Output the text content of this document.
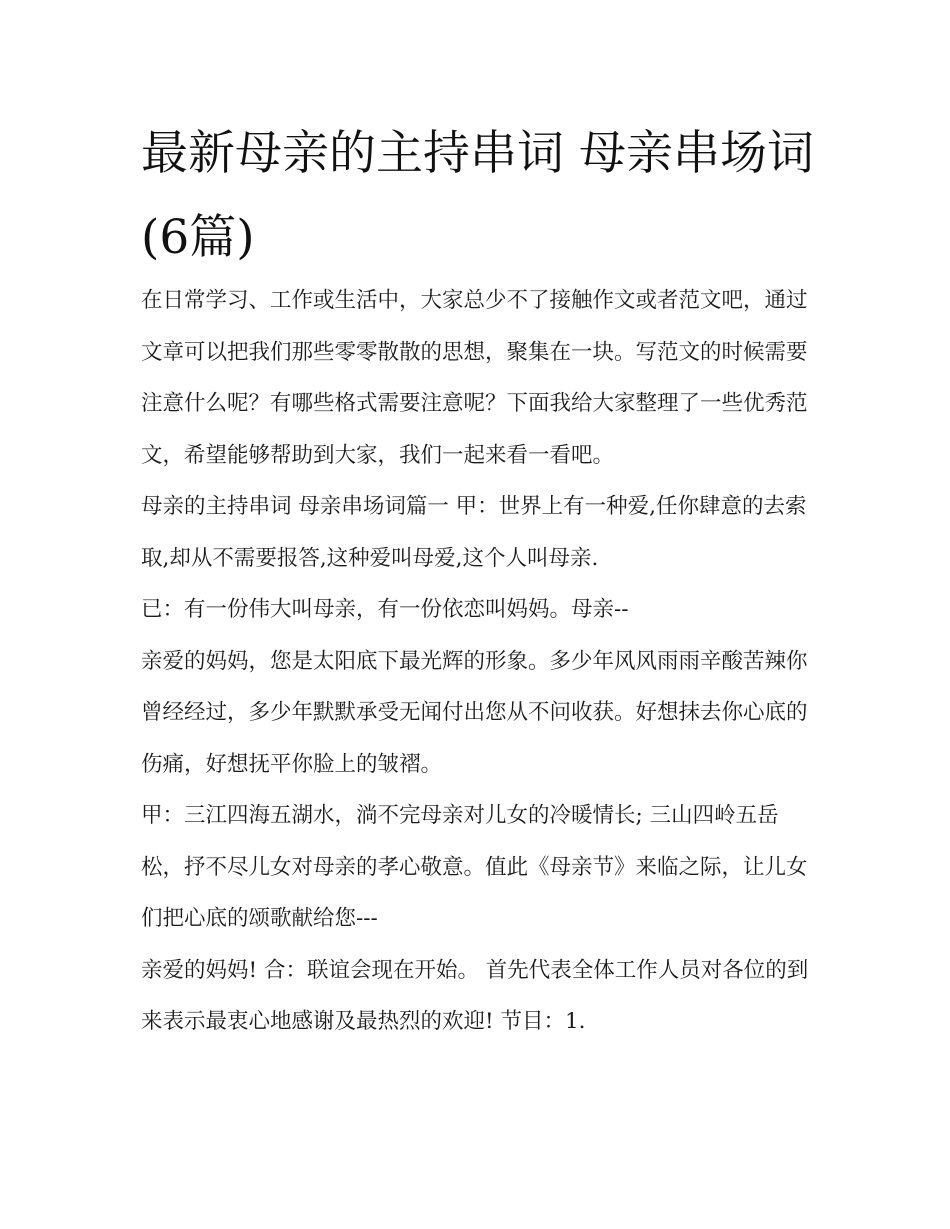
最新母亲的主持串词 母亲串场词(6篇)

在日常学习、工作或生活中，大家总少不了接触作文或者范文吧，通过文章可以把我们那些零零散散的思想，聚集在一块。写范文的时候需要注意什么呢？有哪些格式需要注意呢？下面我给大家整理了一些优秀范文，希望能够帮助到大家，我们一起来看一看吧。

母亲的主持串词 母亲串场词篇一 甲：世界上有一种爱,任你肆意的去索取,却从不需要报答,这种爱叫母爱,这个人叫母亲.

已：有一份伟大叫母亲，有一份依恋叫妈妈。母亲--

亲爱的妈妈，您是太阳底下最光辉的形象。多少年风风雨雨辛酸苦辣你曾经经过，多少年默默承受无闻付出您从不问收获。好想抹去你心底的伤痛，好想抚平你脸上的皱褶。

甲：三江四海五湖水，淌不完母亲对儿女的冷暖情长; 三山四岭五岳松，抒不尽儿女对母亲的孝心敬意。值此《母亲节》来临之际，让儿女们把心底的颂歌献给您---

亲爱的妈妈! 合：联谊会现在开始。 首先代表全体工作人员对各位的到来表示最衷心地感谢及最热烈的欢迎! 节目：1.
